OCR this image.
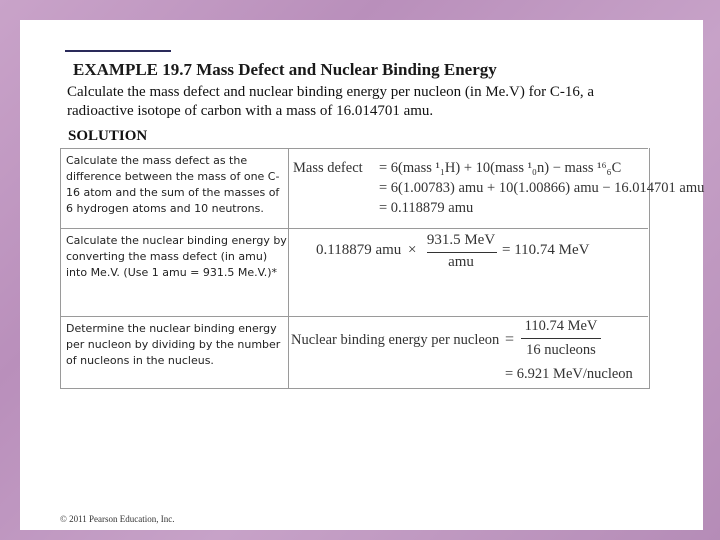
EXAMPLE 19.7 Mass Defect and Nuclear Binding Energy
Calculate the mass defect and nuclear binding energy per nucleon (in Me.V) for C-16, a radioactive isotope of carbon with a mass of 16.014701 amu.
SOLUTION
Calculate the mass defect as the difference between the mass of one C-16 atom and the sum of the masses of 6 hydrogen atoms and 10 neutrons.
Mass defect = 6(mass ¹₁H) + 10(mass ¹₀n) − mass ¹⁶₆C
= 6(1.00783) amu + 10(1.00866) amu − 16.014701 amu
= 0.118879 amu
Calculate the nuclear binding energy by converting the mass defect (in amu) into Me.V. (Use 1 amu = 931.5 Me.V.)*
0.118879 amu ×
931.5 MeV
amu
= 110.74 MeV
Determine the nuclear binding energy per nucleon by dividing by the number of nucleons in the nucleus.
Nuclear binding energy per nucleon =
110.74 MeV
16 nucleons
= 6.921 MeV/nucleon
© 2011 Pearson Education, Inc.
